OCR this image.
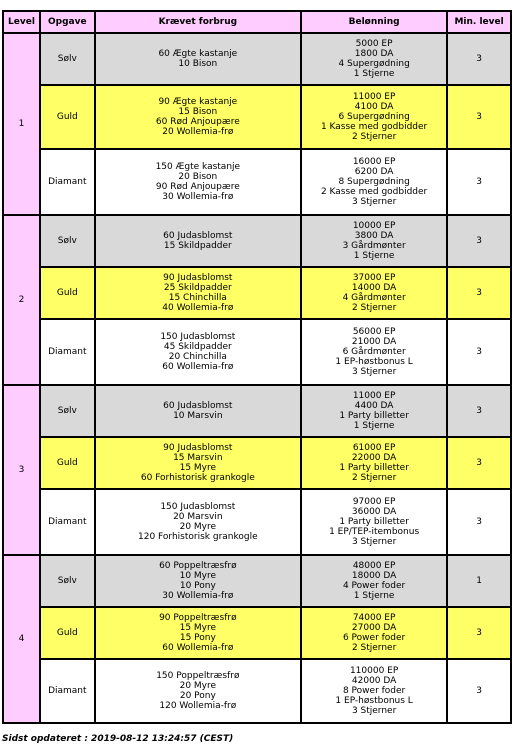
Level	Opgave	Krævet forbrug	Belønning	Min. level
1	Sølv	60 Ægte kastanje
10 Bison	5000 EP
1800 DA
4 Supergødning
1 Stjerne	3
	Guld	90 Ægte kastanje
15 Bison
60 Rød Anjoupære
20 Wollemia-frø	11000 EP
4100 DA
6 Supergødning
1 Kasse med godbidder
2 Stjerner	3
	Diamant	150 Ægte kastanje
20 Bison
90 Rød Anjoupære
30 Wollemia-frø	16000 EP
6200 DA
8 Supergødning
2 Kasse med godbidder
3 Stjerner	3
2	Sølv	60 Judasblomst
15 Skildpadder	10000 EP
3800 DA
3 Gårdmønter
1 Stjerne	3
	Guld	90 Judasblomst
25 Skildpadder
15 Chinchilla
40 Wollemia-frø	37000 EP
14000 DA
4 Gårdmønter
2 Stjerner	3
	Diamant	150 Judasblomst
45 Skildpadder
20 Chinchilla
60 Wollemia-frø	56000 EP
21000 DA
6 Gårdmønter
1 EP-høstbonus L
3 Stjerner	3
3	Sølv	60 Judasblomst
10 Marsvin	11000 EP
4400 DA
1 Party billetter
1 Stjerne	3
	Guld	90 Judasblomst
15 Marsvin
15 Myre
60 Forhistorisk grankogle	61000 EP
22000 DA
1 Party billetter
2 Stjerner	3
	Diamant	150 Judasblomst
20 Marsvin
20 Myre
120 Forhistorisk grankogle	97000 EP
36000 DA
1 Party billetter
1 EP/TEP-itembonus
3 Stjerner	3
4	Sølv	60 Poppeltræsfrø
10 Myre
10 Pony
30 Wollemia-frø	48000 EP
18000 DA
4 Power foder
1 Stjerne	1
	Guld	90 Poppeltræsfrø
15 Myre
15 Pony
60 Wollemia-frø	74000 EP
27000 DA
6 Power foder
2 Stjerner	3
	Diamant	150 Poppeltræsfrø
20 Myre
20 Pony
120 Wollemia-frø	110000 EP
42000 DA
8 Power foder
1 EP-høstbonus L
3 Stjerner	3
Sidst opdateret : 2019-08-12 13:24:57 (CEST)
